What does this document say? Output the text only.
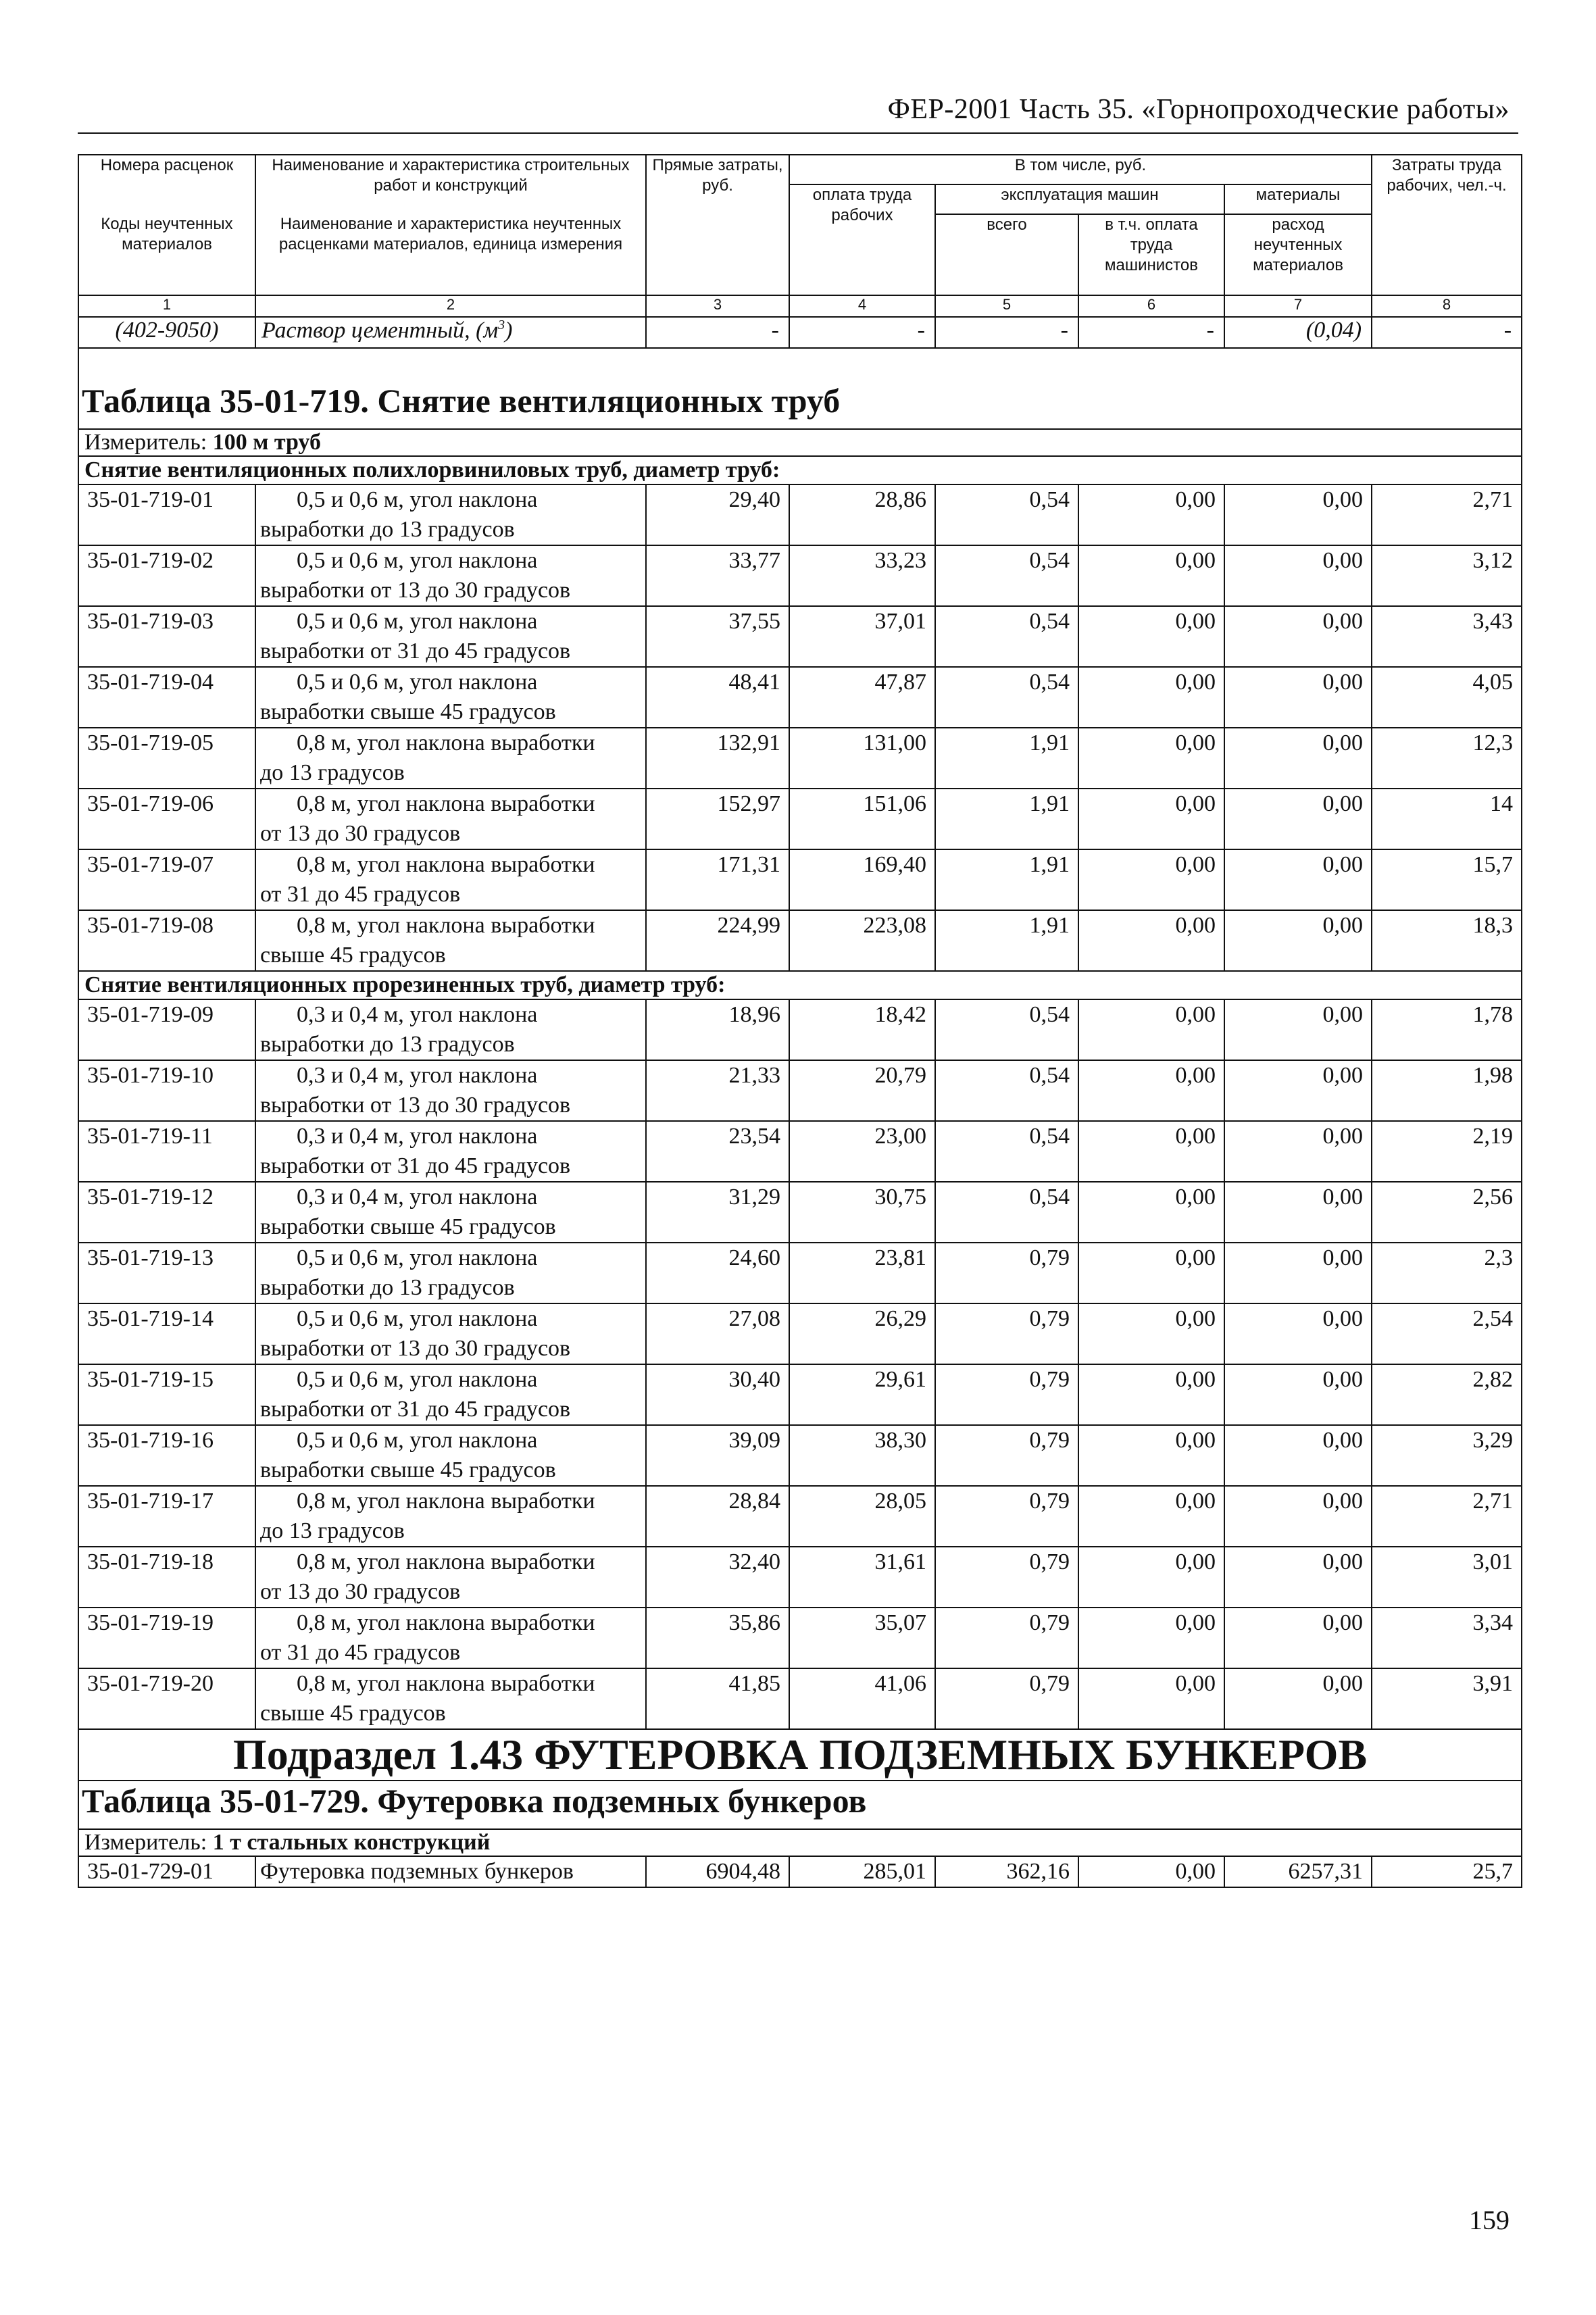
ФЕР-2001 Часть 35. «Горнопроходческие работы»
Номера расценок	Наименование и характеристика строительных работ и конструкций	Прямые затраты, руб.	В том числе, руб.				Затраты труда рабочих, чел.-ч.
			оплата труда рабочих	эксплуатация машин		материалы	
Коды неучтенных материалов	Наименование и характеристика неучтенных расценками материалов, единица измерения			всего	в т.ч. оплата труда машинистов	расход неучтенных материалов	

1	2	3	4	5	6	7	8
(402-9050)	Раствор цементный, $(м^3)$	-	-	-	-	(0,04)	-
Таблица 35-01-719. Снятие вентиляционных труб							
Измеритель: 100 м труб							
Снятие вентиляционных полихлорвиниловых труб, диаметр труб:							
35-01-719-01	0,5 и 0,6 м, угол наклона
выработки до 13 градусов	29,40	28,86	0,54	0,00	0,00	2,71
35-01-719-02	0,5 и 0,6 м, угол наклона
выработки от 13 до 30 градусов	33,77	33,23	0,54	0,00	0,00	3,12
35-01-719-03	0,5 и 0,6 м, угол наклона
выработки от 31 до 45 градусов	37,55	37,01	0,54	0,00	0,00	3,43
35-01-719-04	0,5 и 0,6 м, угол наклона
выработки свыше 45 градусов	48,41	47,87	0,54	0,00	0,00	4,05
35-01-719-05	0,8 м, угол наклона выработки
до 13 градусов	132,91	131,00	1,91	0,00	0,00	12,3
35-01-719-06	0,8 м, угол наклона выработки
от 13 до 30 градусов	152,97	151,06	1,91	0,00	0,00	14
35-01-719-07	0,8 м, угол наклона выработки
от 31 до 45 градусов	171,31	169,40	1,91	0,00	0,00	15,7
35-01-719-08	0,8 м, угол наклона выработки
свыше 45 градусов	224,99	223,08	1,91	0,00	0,00	18,3
Снятие вентиляционных прорезиненных труб, диаметр труб:							
35-01-719-09	0,3 и 0,4 м, угол наклона
выработки до 13 градусов	18,96	18,42	0,54	0,00	0,00	1,78
35-01-719-10	0,3 и 0,4 м, угол наклона
выработки от 13 до 30 градусов	21,33	20,79	0,54	0,00	0,00	1,98
35-01-719-11	0,3 и 0,4 м, угол наклона
выработки от 31 до 45 градусов	23,54	23,00	0,54	0,00	0,00	2,19
35-01-719-12	0,3 и 0,4 м, угол наклона
выработки свыше 45 градусов	31,29	30,75	0,54	0,00	0,00	2,56
35-01-719-13	0,5 и 0,6 м, угол наклона
выработки до 13 градусов	24,60	23,81	0,79	0,00	0,00	2,3
35-01-719-14	0,5 и 0,6 м, угол наклона
выработки от 13 до 30 градусов	27,08	26,29	0,79	0,00	0,00	2,54
35-01-719-15	0,5 и 0,6 м, угол наклона
выработки от 31 до 45 градусов	30,40	29,61	0,79	0,00	0,00	2,82
35-01-719-16	0,5 и 0,6 м, угол наклона
выработки свыше 45 градусов	39,09	38,30	0,79	0,00	0,00	3,29
35-01-719-17	0,8 м, угол наклона выработки
до 13 градусов	28,84	28,05	0,79	0,00	0,00	2,71
35-01-719-18	0,8 м, угол наклона выработки
от 13 до 30 градусов	32,40	31,61	0,79	0,00	0,00	3,01
35-01-719-19	0,8 м, угол наклона выработки
от 31 до 45 градусов	35,86	35,07	0,79	0,00	0,00	3,34
35-01-719-20	0,8 м, угол наклона выработки
свыше 45 градусов	41,85	41,06	0,79	0,00	0,00	3,91
Подраздел 1.43 ФУТЕРОВКА ПОДЗЕМНЫХ БУНКЕРОВ							
Таблица 35-01-729. Футеровка подземных бункеров							
Измеритель: 1 т стальных конструкций							
35-01-729-01	Футеровка подземных бункеров	6904,48	285,01	362,16	0,00	6257,31	25,7
159
